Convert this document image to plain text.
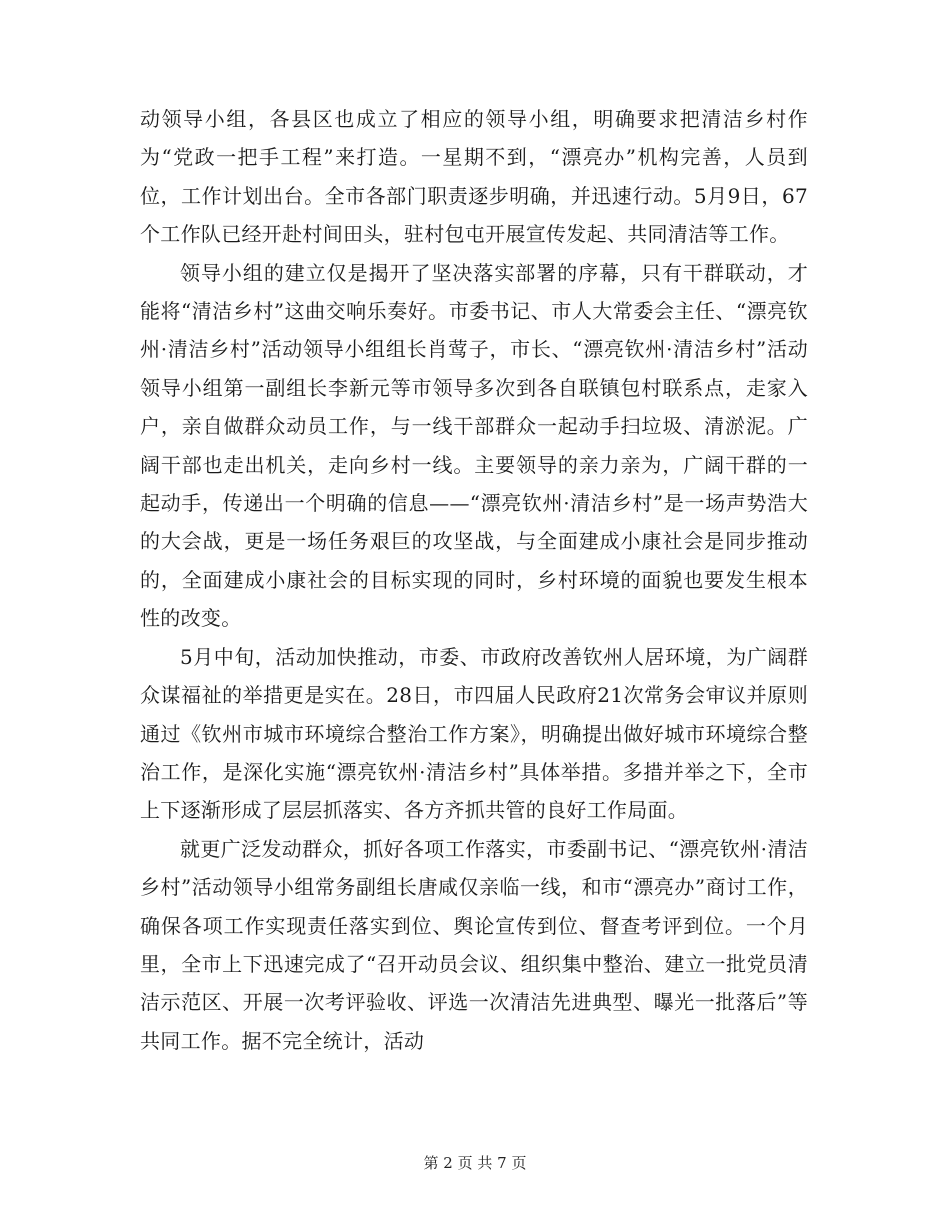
动领导小组，各县区也成立了相应的领导小组，明确要求把清洁乡村作为“党政一把手工程”来打造。一星期不到，“漂亮办”机构完善，人员到位，工作计划出台。全市各部门职责逐步明确，并迅速行动。5月9日，67个工作队已经开赴村间田头，驻村包屯开展宣传发起、共同清洁等工作。

领导小组的建立仅是揭开了坚决落实部署的序幕，只有干群联动，才能将“清洁乡村”这曲交响乐奏好。市委书记、市人大常委会主任、“漂亮钦州·清洁乡村”活动领导小组组长肖莺子，市长、“漂亮钦州·清洁乡村”活动领导小组第一副组长李新元等市领导多次到各自联镇包村联系点，走家入户，亲自做群众动员工作，与一线干部群众一起动手扫垃圾、清淤泥。广阔干部也走出机关，走向乡村一线。主要领导的亲力亲为，广阔干群的一起动手，传递出一个明确的信息——“漂亮钦州·清洁乡村”是一场声势浩大的大会战，更是一场任务艰巨的攻坚战，与全面建成小康社会是同步推动的，全面建成小康社会的目标实现的同时，乡村环境的面貌也要发生根本性的改变。

5月中旬，活动加快推动，市委、市政府改善钦州人居环境，为广阔群众谋福祉的举措更是实在。28日，市四届人民政府21次常务会审议并原则通过《钦州市城市环境综合整治工作方案》，明确提出做好城市环境综合整治工作，是深化实施“漂亮钦州·清洁乡村”具体举措。多措并举之下，全市上下逐渐形成了层层抓落实、各方齐抓共管的良好工作局面。

就更广泛发动群众，抓好各项工作落实，市委副书记、“漂亮钦州·清洁乡村”活动领导小组常务副组长唐咸仅亲临一线，和市“漂亮办”商讨工作，确保各项工作实现责任落实到位、舆论宣传到位、督查考评到位。一个月里，全市上下迅速完成了“召开动员会议、组织集中整治、建立一批党员清洁示范区、开展一次考评验收、评选一次清洁先进典型、曝光一批落后”等共同工作。据不完全统计，活动

第 2 页 共 7 页
